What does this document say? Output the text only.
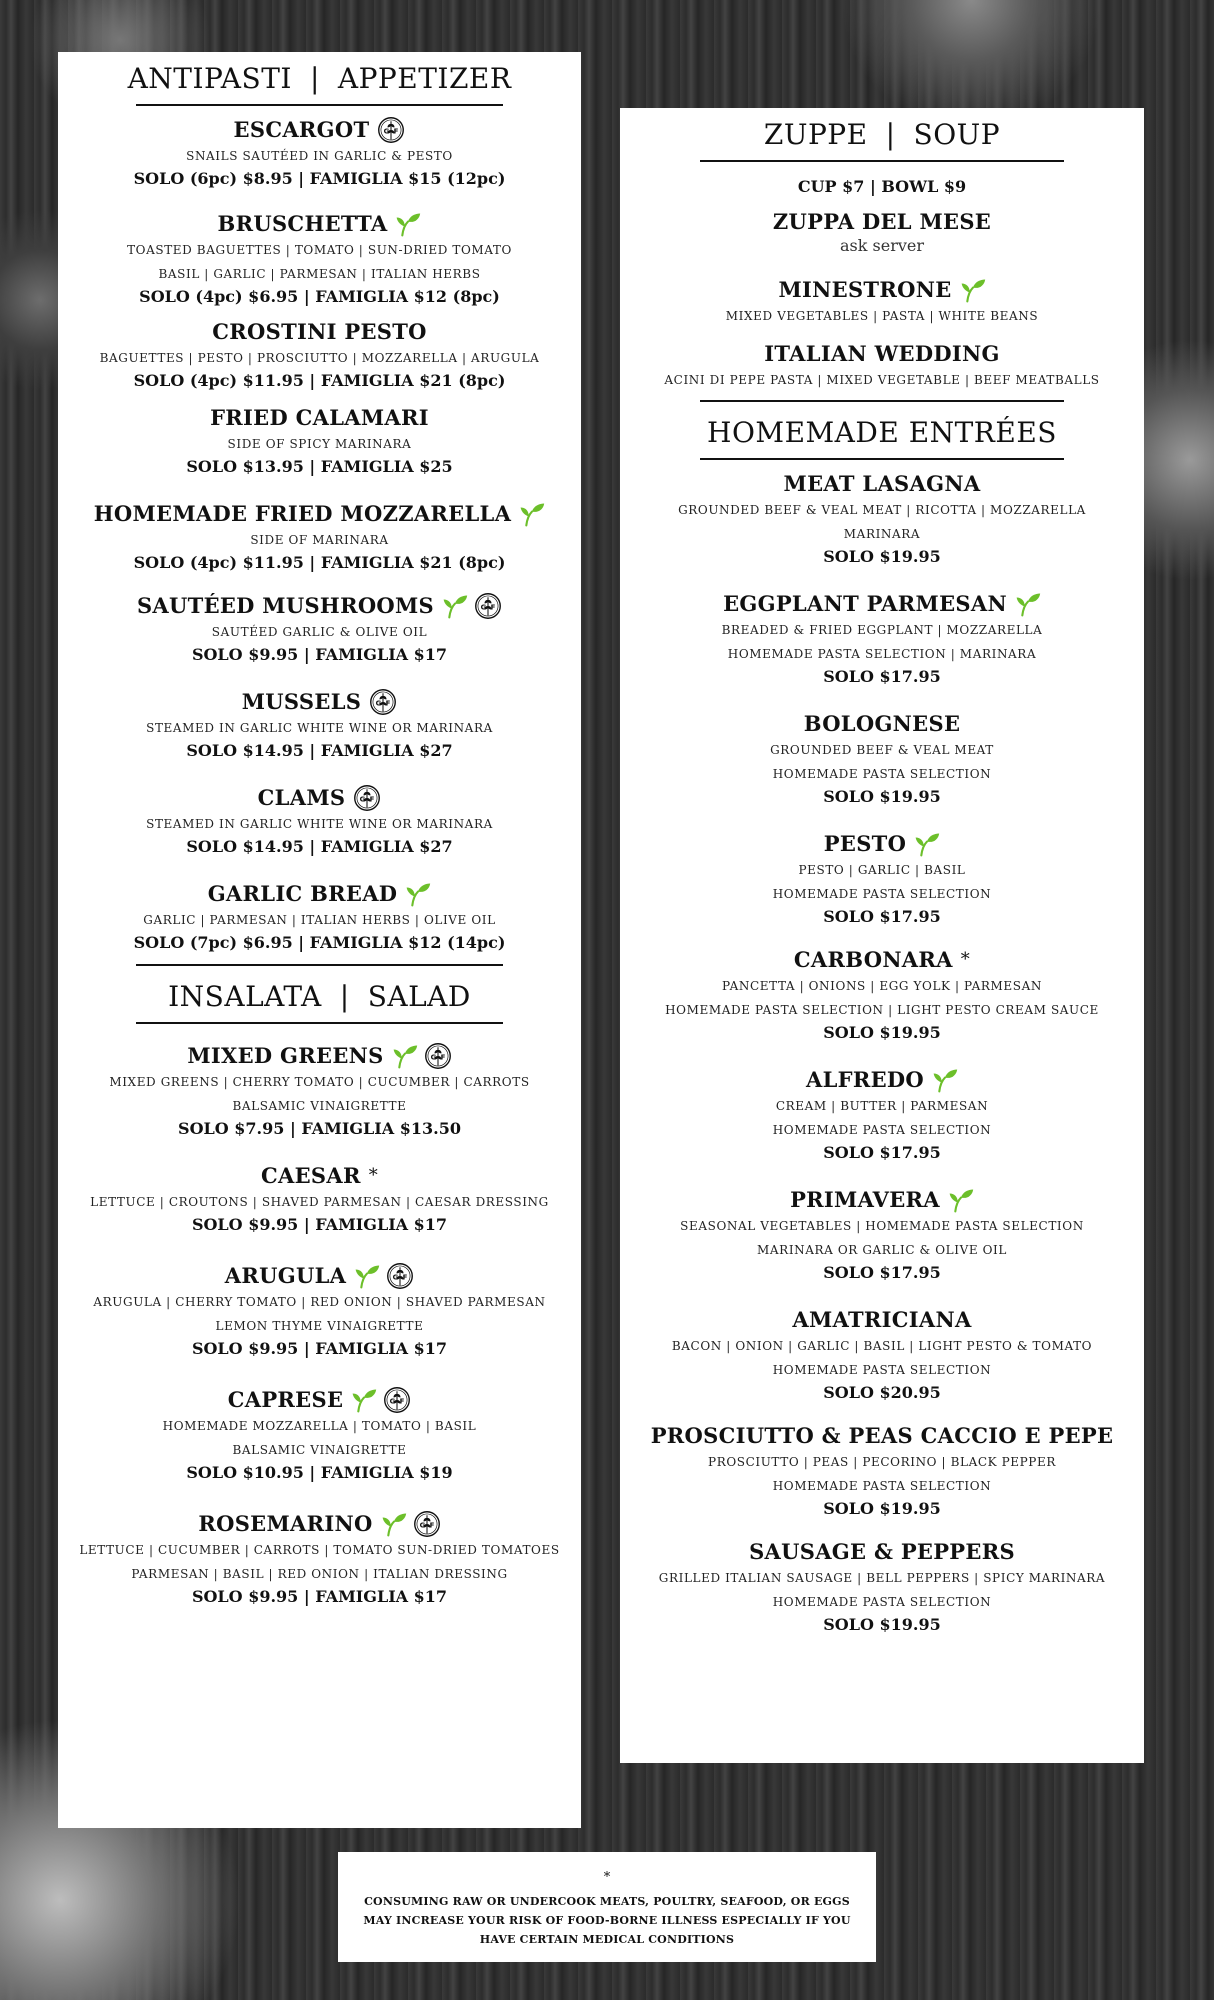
ANTIPASTI | APPETIZER
ESCARGOT
SNAILS SAUTÉED IN GARLIC & PESTO
SOLO (6pc) $8.95 | FAMIGLIA $15 (12pc)
BRUSCHETTA
TOASTED BAGUETTES | TOMATO | SUN-DRIED TOMATO
BASIL | GARLIC | PARMESAN | ITALIAN HERBS
SOLO (4pc) $6.95 | FAMIGLIA $12 (8pc)
CROSTINI PESTO
BAGUETTES | PESTO | PROSCIUTTO | MOZZARELLA | ARUGULA
SOLO (4pc) $11.95 | FAMIGLIA $21 (8pc)
FRIED CALAMARI
SIDE OF SPICY MARINARA
SOLO $13.95 | FAMIGLIA $25
HOMEMADE FRIED MOZZARELLA
SIDE OF MARINARA
SOLO (4pc) $11.95 | FAMIGLIA $21 (8pc)
SAUTÉED MUSHROOMS
SAUTÉED GARLIC & OLIVE OIL
SOLO $9.95 | FAMIGLIA $17
MUSSELS
STEAMED IN GARLIC WHITE WINE OR MARINARA
SOLO $14.95 | FAMIGLIA $27
CLAMS
STEAMED IN GARLIC WHITE WINE OR MARINARA
SOLO $14.95 | FAMIGLIA $27
GARLIC BREAD
GARLIC | PARMESAN | ITALIAN HERBS | OLIVE OIL
SOLO (7pc) $6.95 | FAMIGLIA $12 (14pc)
INSALATA | SALAD
MIXED GREENS
MIXED GREENS | CHERRY TOMATO | CUCUMBER | CARROTS
BALSAMIC VINAIGRETTE
SOLO $7.95 | FAMIGLIA $13.50
CAESAR *
LETTUCE | CROUTONS | SHAVED PARMESAN | CAESAR DRESSING
SOLO $9.95 | FAMIGLIA $17
ARUGULA
ARUGULA | CHERRY TOMATO | RED ONION | SHAVED PARMESAN
LEMON THYME VINAIGRETTE
SOLO $9.95 | FAMIGLIA $17
CAPRESE
HOMEMADE MOZZARELLA | TOMATO | BASIL
BALSAMIC VINAIGRETTE
SOLO $10.95 | FAMIGLIA $19
ROSEMARINO
LETTUCE | CUCUMBER | CARROTS | TOMATO SUN-DRIED TOMATOES
PARMESAN | BASIL | RED ONION | ITALIAN DRESSING
SOLO $9.95 | FAMIGLIA $17
ZUPPE | SOUP
CUP $7 | BOWL $9
ZUPPA DEL MESE
ask server
MINESTRONE
MIXED VEGETABLES | PASTA | WHITE BEANS
ITALIAN WEDDING
ACINI DI PEPE PASTA | MIXED VEGETABLE | BEEF MEATBALLS
HOMEMADE ENTRÉES
MEAT LASAGNA
GROUNDED BEEF & VEAL MEAT | RICOTTA | MOZZARELLA
MARINARA
SOLO $19.95
EGGPLANT PARMESAN
BREADED & FRIED EGGPLANT | MOZZARELLA
HOMEMADE PASTA SELECTION | MARINARA
SOLO $17.95
BOLOGNESE
GROUNDED BEEF & VEAL MEAT
HOMEMADE PASTA SELECTION
SOLO $19.95
PESTO
PESTO | GARLIC | BASIL
HOMEMADE PASTA SELECTION
SOLO $17.95
CARBONARA *
PANCETTA | ONIONS | EGG YOLK | PARMESAN
HOMEMADE PASTA SELECTION | LIGHT PESTO CREAM SAUCE
SOLO $19.95
ALFREDO
CREAM | BUTTER | PARMESAN
HOMEMADE PASTA SELECTION
SOLO $17.95
PRIMAVERA
SEASONAL VEGETABLES | HOMEMADE PASTA SELECTION
MARINARA OR GARLIC & OLIVE OIL
SOLO $17.95
AMATRICIANA
BACON | ONION | GARLIC | BASIL | LIGHT PESTO & TOMATO
HOMEMADE PASTA SELECTION
SOLO $20.95
PROSCIUTTO & PEAS CACCIO E PEPE
PROSCIUTTO | PEAS | PECORINO | BLACK PEPPER
HOMEMADE PASTA SELECTION
SOLO $19.95
SAUSAGE & PEPPERS
GRILLED ITALIAN SAUSAGE | BELL PEPPERS | SPICY MARINARA
HOMEMADE PASTA SELECTION
SOLO $19.95
*
CONSUMING RAW OR UNDERCOOK MEATS, POULTRY, SEAFOOD, OR EGGS MAY INCREASE YOUR RISK OF FOOD-BORNE ILLNESS ESPECIALLY IF YOU HAVE CERTAIN MEDICAL CONDITIONS
